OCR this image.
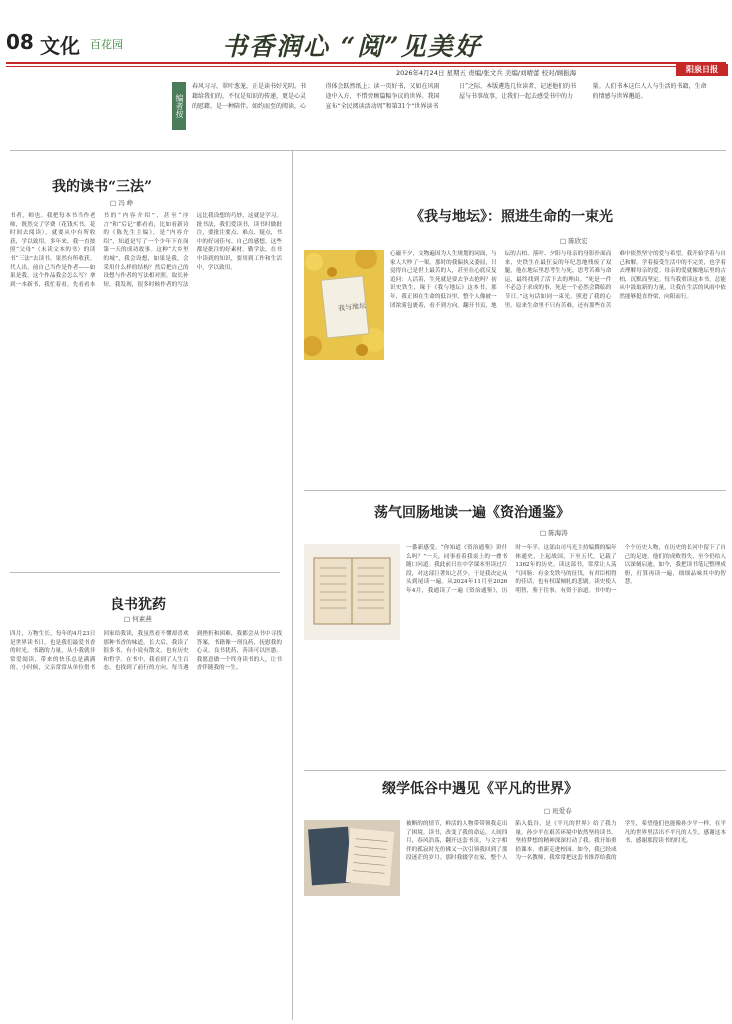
08 文化 百花园	书香润心 “阅”见美好
2026年4月24日 星期五 责编/张文兵 美编/刘晴蕾 校对/顾振海	阳泉日报
编者按
春风习习，翠叶葱茏，正是读书好光阴。书籍给我们的，不仅是知识的传递，更是心灵的慰藉、是一种陪伴。如约而至的阅读，心得体会跃然纸上；读一页好书，又如在风雨途中入方，不惜旁顾篇幅争议的世界。我国宣布“全民阅读活动周”和第31个“世界读书日”之际，本版遴选几位读者，记述他们的书屋与书事故事，让我们一起去感受书中的力量。人们书本这仨人人与生活的书籍，生命的情感与世界邂逅。
我的读书“三法”
□ 冯 峥
书者，师也。我把每本书当作老师，既然交了学费（花钱买书，花时间去阅读），就要从中有所收获，学以致用。多年来，我一直按照“父母”（未读文本的书）的读书“三法”去读书，果然有所收获。代人出，前自己当作是作者——如果是我，这个作品我会怎么写？拿到一本新书，我忙着看，先看看本书的“内容介绍”，甚至“序言”和“后记”都看看，比如看新诗的《陈先生主编》，是“内容介绍”，知道是写了一个少年下在岗第一天的成功故事。这种“大乡里的城”，我会设想，如果是我，会采用什么样的结构？然后把自己的设想与作者的写法相对照，取长补短，我发现，很多时候作者的写法远比我设想的巧妙，这就是学习。批书法，我们爱读书，读书时做批注，要批注要点、难点、疑点，书中的好词佳句、自己的感想，这些都是批注的好素材。勤学法，在书中读到的知识，要用到工作和生活中，学以致用。
《我与地坛》：照进生命的一束光
□ 陈欣宏
我与地坛
心磁不夕，文物遍因为人生规划的同面，与家人大吵了一架。那时的我偏执又委屈，只觉得自己是世上最苦的人，甚至在心底反复追问：人活着，生死就是要去争去抢吗？初识史铁生，缘于《我与地坛》这本书。那年，我正困在生命的低谷里，整个人像被一团浓雾包裹着，看不到方向。翻开书页，地坛的古柏、落叶、夕阳与母亲的身影扑面而来，史铁生在最狂妄的年纪忽地残废了双腿，他在地坛里思考生与死，思考苦难与命运，最终找到了活下去的理由。“死是一件不必急于求成的事，死是一个必然会降临的节日。”这句话如同一束光，照进了我的心里。原来生命里不只有苦难，还有那些在苦难中依然坚守的爱与希望。我开始学着与自己和解，学着接受生活中的不完美，也学着去理解母亲的爱。母亲的爱就像地坛里的古柏，沉默而坚定。每当我重读这本书，总能从中汲取新的力量，让我在生活的风雨中依然能够挺直脊梁，向阳而行。
荡气回肠地读一遍《资治通鉴》
□ 陈海涛
一番新感受。“你知道《资治通鉴》讲什么吗？”一天，同事看着我桌上的一叠书随口问道。我此前只在中学课本里读过片段，对这部巨著知之甚少。于是我决定从头到尾读一遍。从2024年11月至2026年4月，我通读了一遍《资治通鉴》，历时一年半。这部由司马光主持编撰的编年体通史，上起战国，下至五代，记载了1362年的历史。读这部书，常常让人荡气回肠：有金戈铁马的征伐，有君臣相得的佳话，也有权谋倾轧的悲剧。读史使人明智，鉴于往事，有资于治道。书中的一个个历史人物，在历史的长河中留下了自己的足迹，他们的成败得失，至今仍给人以深刻启迪。如今，我把读书笔记整理成册，打算再读一遍，细细品味其中的智慧。
良书犹药
□ 何素燕
四月，万物生长，每年的4月23日是世界读书日，也是我们最爱书香的时光。书籍的力量，从小我就非常爱阅读，带来的快乐总是满满的。小时候，父亲常常从单位借书回家给我读，我虽然看不懂却喜欢那种书香的味道。长大后，我读了很多书，有小说有散文，也有历史和哲学。在书中，我看到了人生百态，也找到了前行的方向。每当遇到挫折和困难，我都会从书中寻找答案，书籍像一剂良药，抚慰我的心灵。良书犹药，善读可以医愚。我愿意做一个终身读书的人，让书香伴随我的一生。
缀学低谷中遇见《平凡的世界》
□ 班爱春
被断的的情节，鲜活的人物带带领我走出了困境。读书，改变了我的命运。人间四月，春风浩荡，翻开这套书页，与文字相伴的孤寂时光仿佛又一次引领我回到了那段迷茫的岁月。那时我辍学在家，整个人陷入低谷，是《平凡的世界》给了我力量。孙少平在艰苦环境中依然坚持读书、坚持梦想的精神深深打动了我。我开始重拾课本，重新走进校园。如今，我已经成为一名教师，我常常把这套书推荐给我的学生，希望他们也能像孙少平一样，在平凡的世界里活出不平凡的人生。感谢这本书，感谢那段读书的时光。
